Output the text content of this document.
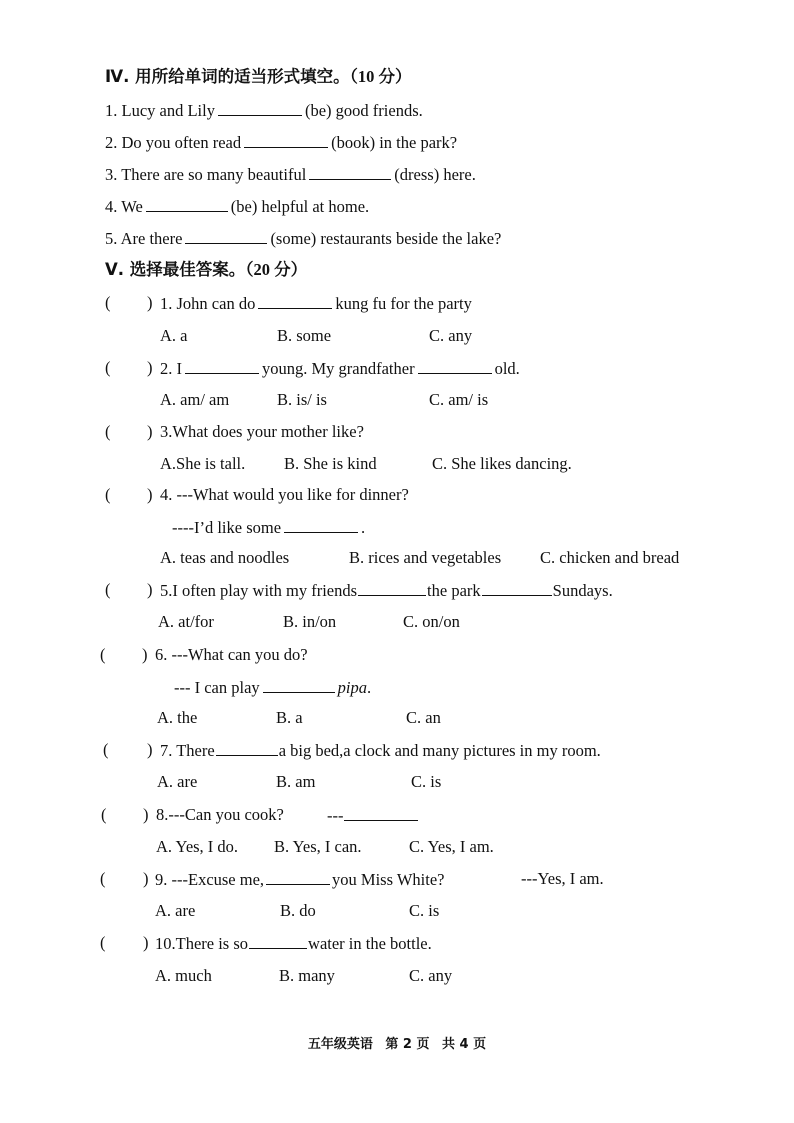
Ⅳ. 用所给单词的适当形式填空。（10 分）
1. Lucy and Lily	(be) good friends.
2. Do you often read	(book) in the park?
3. There are so many beautiful	(dress) here.
4. We	(be) helpful at home.
5. Are there	(some) restaurants beside the lake?
Ⅴ. 选择最佳答案。（20 分）
( ) 1. John can do	kung fu for the party
A. a	B. some	C. any
( ) 2. I	young. My grandfather	old.
A. am/ am	B. is/ is	C. am/ is
( ) 3.What does your mother like?
A.She is tall. B. She is kind	C. She likes dancing.
( ) 4. ---What would you like for dinner?
----I’d like some	.
A. teas and noodles	B. rices and vegetables C. chicken and bread
( ) 5.I often play with my friends	the park	Sundays.
A. at/for	B. in/on	C. on/on
( ) 6. ---What can you do?
--- I can play	pipa.
A. the	B. a	C. an
( ) 7. There	a big bed,a clock and many pictures in my room.
A. are	B. am	C. is
( ) 8.---Can you cook?	---
A. Yes, I do. B. Yes, I can.	C. Yes, I am.
( ) 9. ---Excuse me,	you Miss White?	---Yes, I am.
A. are	B. do	C. is
( ) 10.There is so	water in the bottle.
A. much	B. many	C. any
五年级英语 第 2 页 共 4 页
